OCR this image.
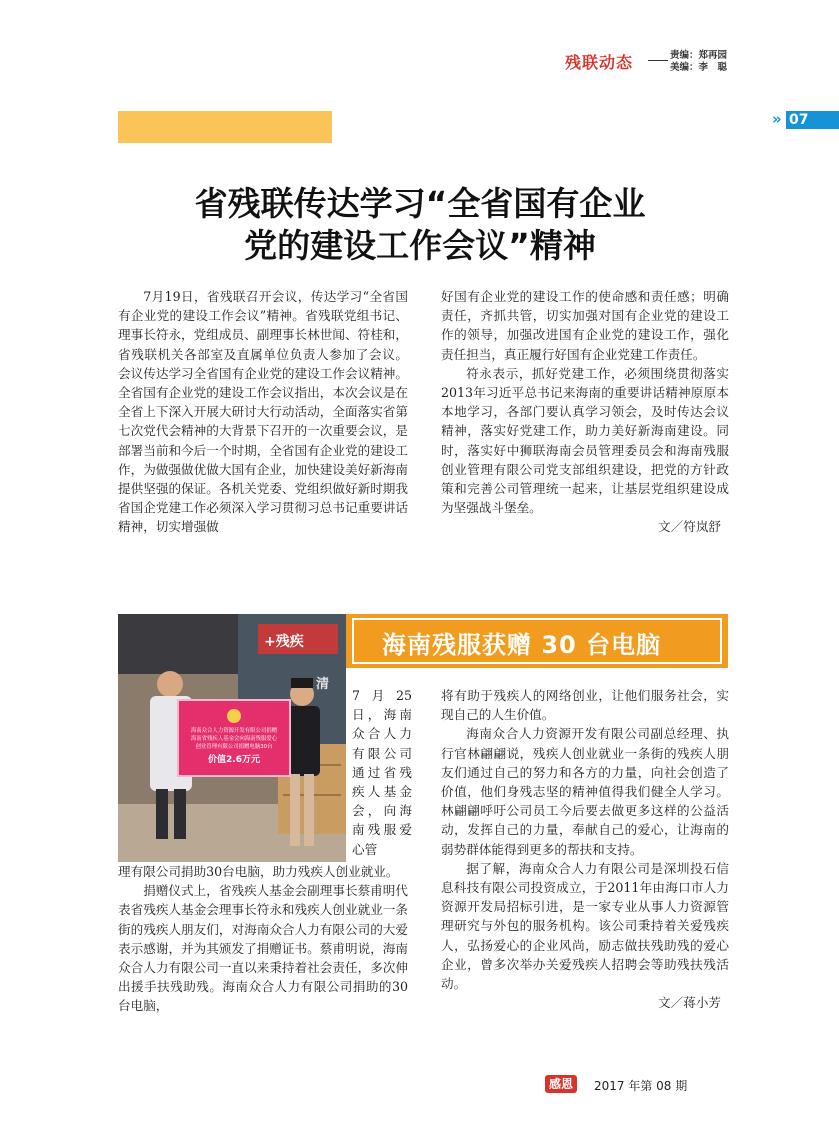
残联动态	责编：郑再园
美编：李　聪
» 07
省残联传达学习“全省国有企业
党的建设工作会议”精神

7月19日，省残联召开会议，传达学习“全省国有企业党的建设工作会议”精神。省残联党组书记、理事长符永，党组成员、副理事长林世闻、符桂和，省残联机关各部室及直属单位负责人参加了会议。 会议传达学习全省国有企业党的建设工作会议精神。全省国有企业党的建设工作会议指出，本次会议是在全省上下深入开展大研讨大行动活动，全面落实省第七次党代会精神的大背景下召开的一次重要会议，是部署当前和今后一个时期，全省国有企业党的建设工作，为做强做优做大国有企业，加快建设美好新海南提供坚强的保证。各机关党委、党组织做好新时期我省国企党建工作必须深入学习贯彻习总书记重要讲话精神，切实增强做

好国有企业党的建设工作的使命感和责任感；明确责任，齐抓共管，切实加强对国有企业党的建设工作的领导，加强改进国有企业党的建设工作，强化责任担当，真正履行好国有企业党建工作责任。

符永表示，抓好党建工作，必须围绕贯彻落实2013年习近平总书记来海南的重要讲话精神原原本本地学习，各部门要认真学习领会，及时传达会议精神，落实好党建工作，助力美好新海南建设。同时，落实好中狮联海南会员管理委员会和海南残服创业管理有限公司党支部组织建设，把党的方针政策和完善公司管理统一起来，让基层党组织建设成为坚强战斗堡垒。

文／符岚舒
+残疾
清
海南众合人力资源开发有限公司捐赠
海南省残疾人基金会向海南残服爱心
创业管理有限公司捐赠电脑30台
价值2.6万元
海南残服获赠 30 台电脑
7月25日，海南众合人力有限公司通过省残疾人基金会，向海南残服爱心管

理有限公司捐助30台电脑，助力残疾人创业就业。

捐赠仪式上，省残疾人基金会副理事长蔡甫明代表省残疾人基金会理事长符永和残疾人创业就业一条街的残疾人朋友们，对海南众合人力有限公司的大爱表示感谢，并为其颁发了捐赠证书。蔡甫明说，海南众合人力有限公司一直以来秉持着社会责任，多次伸出援手扶残助残。海南众合人力有限公司捐助的30台电脑，

将有助于残疾人的网络创业，让他们服务社会，实现自己的人生价值。

海南众合人力资源开发有限公司副总经理、执行官林翩翩说，残疾人创业就业一条街的残疾人朋友们通过自己的努力和各方的力量，向社会创造了价值，他们身残志坚的精神值得我们健全人学习。林翩翩呼吁公司员工今后要去做更多这样的公益活动，发挥自己的力量，奉献自己的爱心，让海南的弱势群体能得到更多的帮扶和支持。

据了解，海南众合人力有限公司是深圳投石信息科技有限公司投资成立，于2011年由海口市人力资源开发局招标引进，是一家专业从事人力资源管理研究与外包的服务机构。该公司秉持着关爱残疾人，弘扬爱心的企业风尚，励志做扶残助残的爱心企业，曾多次举办关爱残疾人招聘会等助残扶残活动。

文／蒋小芳
感恩	2017 年第 08 期
